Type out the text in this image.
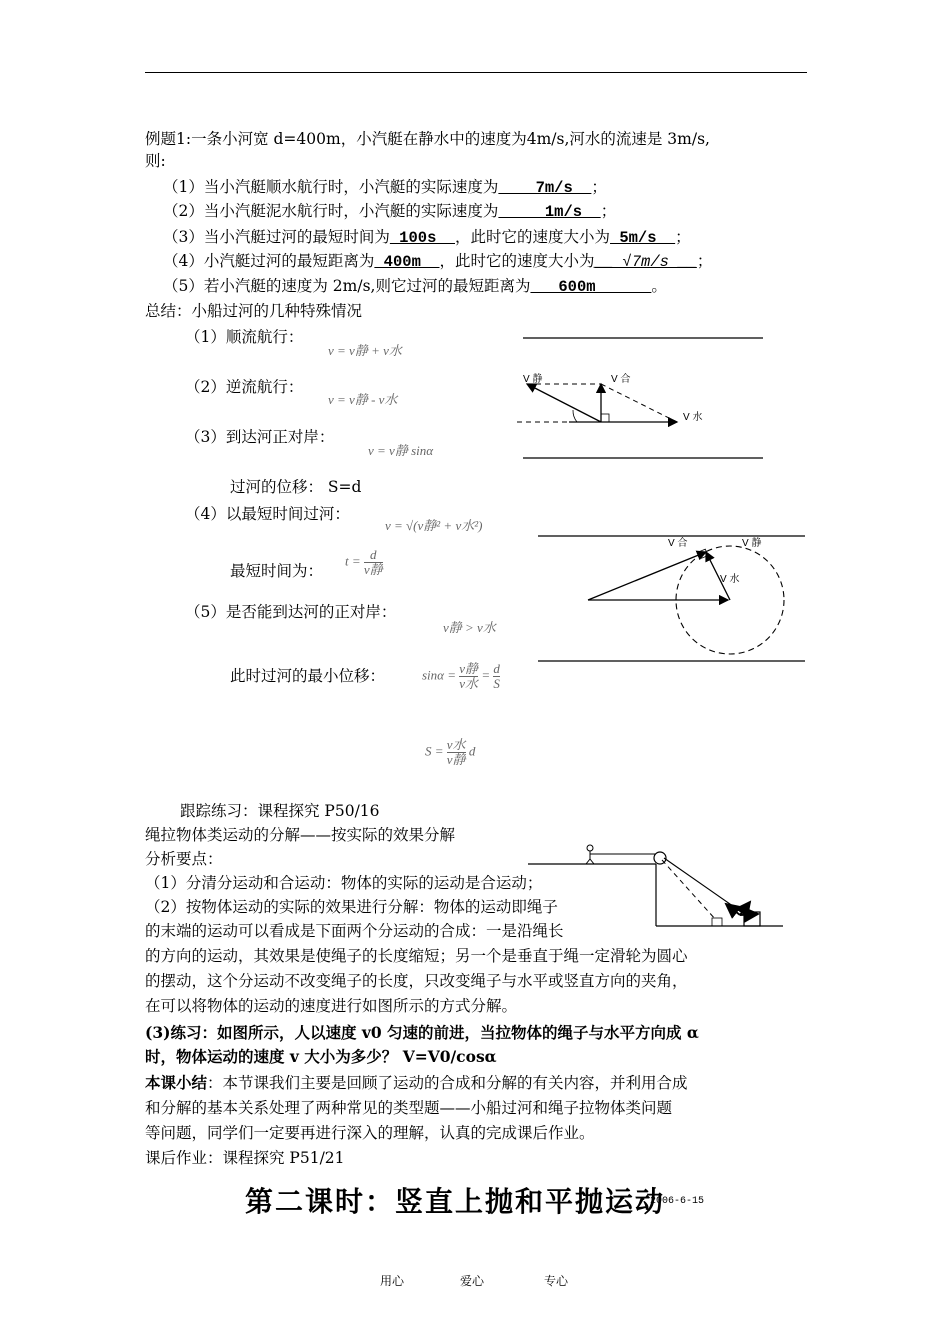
例题1:一条小河宽 d=400m，小汽艇在静水中的速度为4m/s,河水的流速是 3m/s,
则:
（1）当小汽艇顺水航行时，小汽艇的实际速度为    7m/s  ；
（2）当小汽艇泥水航行时，小汽艇的实际速度为     1m/s  ；
（3）当小汽艇过河的最短时间为 100s  ，此时它的速度大小为 5m/s  ；
（4）小汽艇过河的最短距离为 400m  ，此时它的速度大小为__ √7m/s __；
（5）若小汽艇的速度为 2m/s,则它过河的最短距离为   600m      。
总结：小船过河的几种特殊情况
（1）顺流航行：
v = v静 + v水
（2）逆流航行：
v = v静 - v水
（3）到达河正对岸：
v = v静 sinα
过河的位移： S=d
（4）以最短时间过河：
v = √(v静² + v水²)
最短时间为：
$t = \frac{d}{\text{v静}}$
（5）是否能到达河的正对岸：
v静 > v水
此时过河的最小位移：	$\sin\alpha = \frac{\text{v静}}{\text{v水}} = \frac{d}{S}$
$S = \frac{\text{v水}}{\text{v静}}$ d
V 静	V 合
V 水
V 合	V 静
V 水
跟踪练习：课程探究 P50/16
绳拉物体类运动的分解——按实际的效果分解
分析要点：
（1）分清分运动和合运动：物体的实际的运动是合运动；
（2）按物体运动的实际的效果进行分解：物体的运动即绳子
的末端的运动可以看成是下面两个分运动的合成：一是沿绳长
的方向的运动，其效果是使绳子的长度缩短；另一个是垂直于绳一定滑轮为圆心
的摆动，这个分运动不改变绳子的长度，只改变绳子与水平或竖直方向的夹角，
在可以将物体的运动的速度进行如图所示的方式分解。
(3)练习：如图所示，人以速度 v0 匀速的前进，当拉物体的绳子与水平方向成 α
时，物体运动的速度 v 大小为多少？ V=V0/cosα
本课小结：本节课我们主要是回顾了运动的合成和分解的有关内容，并利用合成
和分解的基本关系处理了两种常见的类型题——小船过河和绳子拉物体类问题
等问题，同学们一定要再进行深入的理解，认真的完成课后作业。
课后作业：课程探究 P51/21
第二课时：竖直上抛和平抛运动
2006-6-15
用心	爱心	专心
